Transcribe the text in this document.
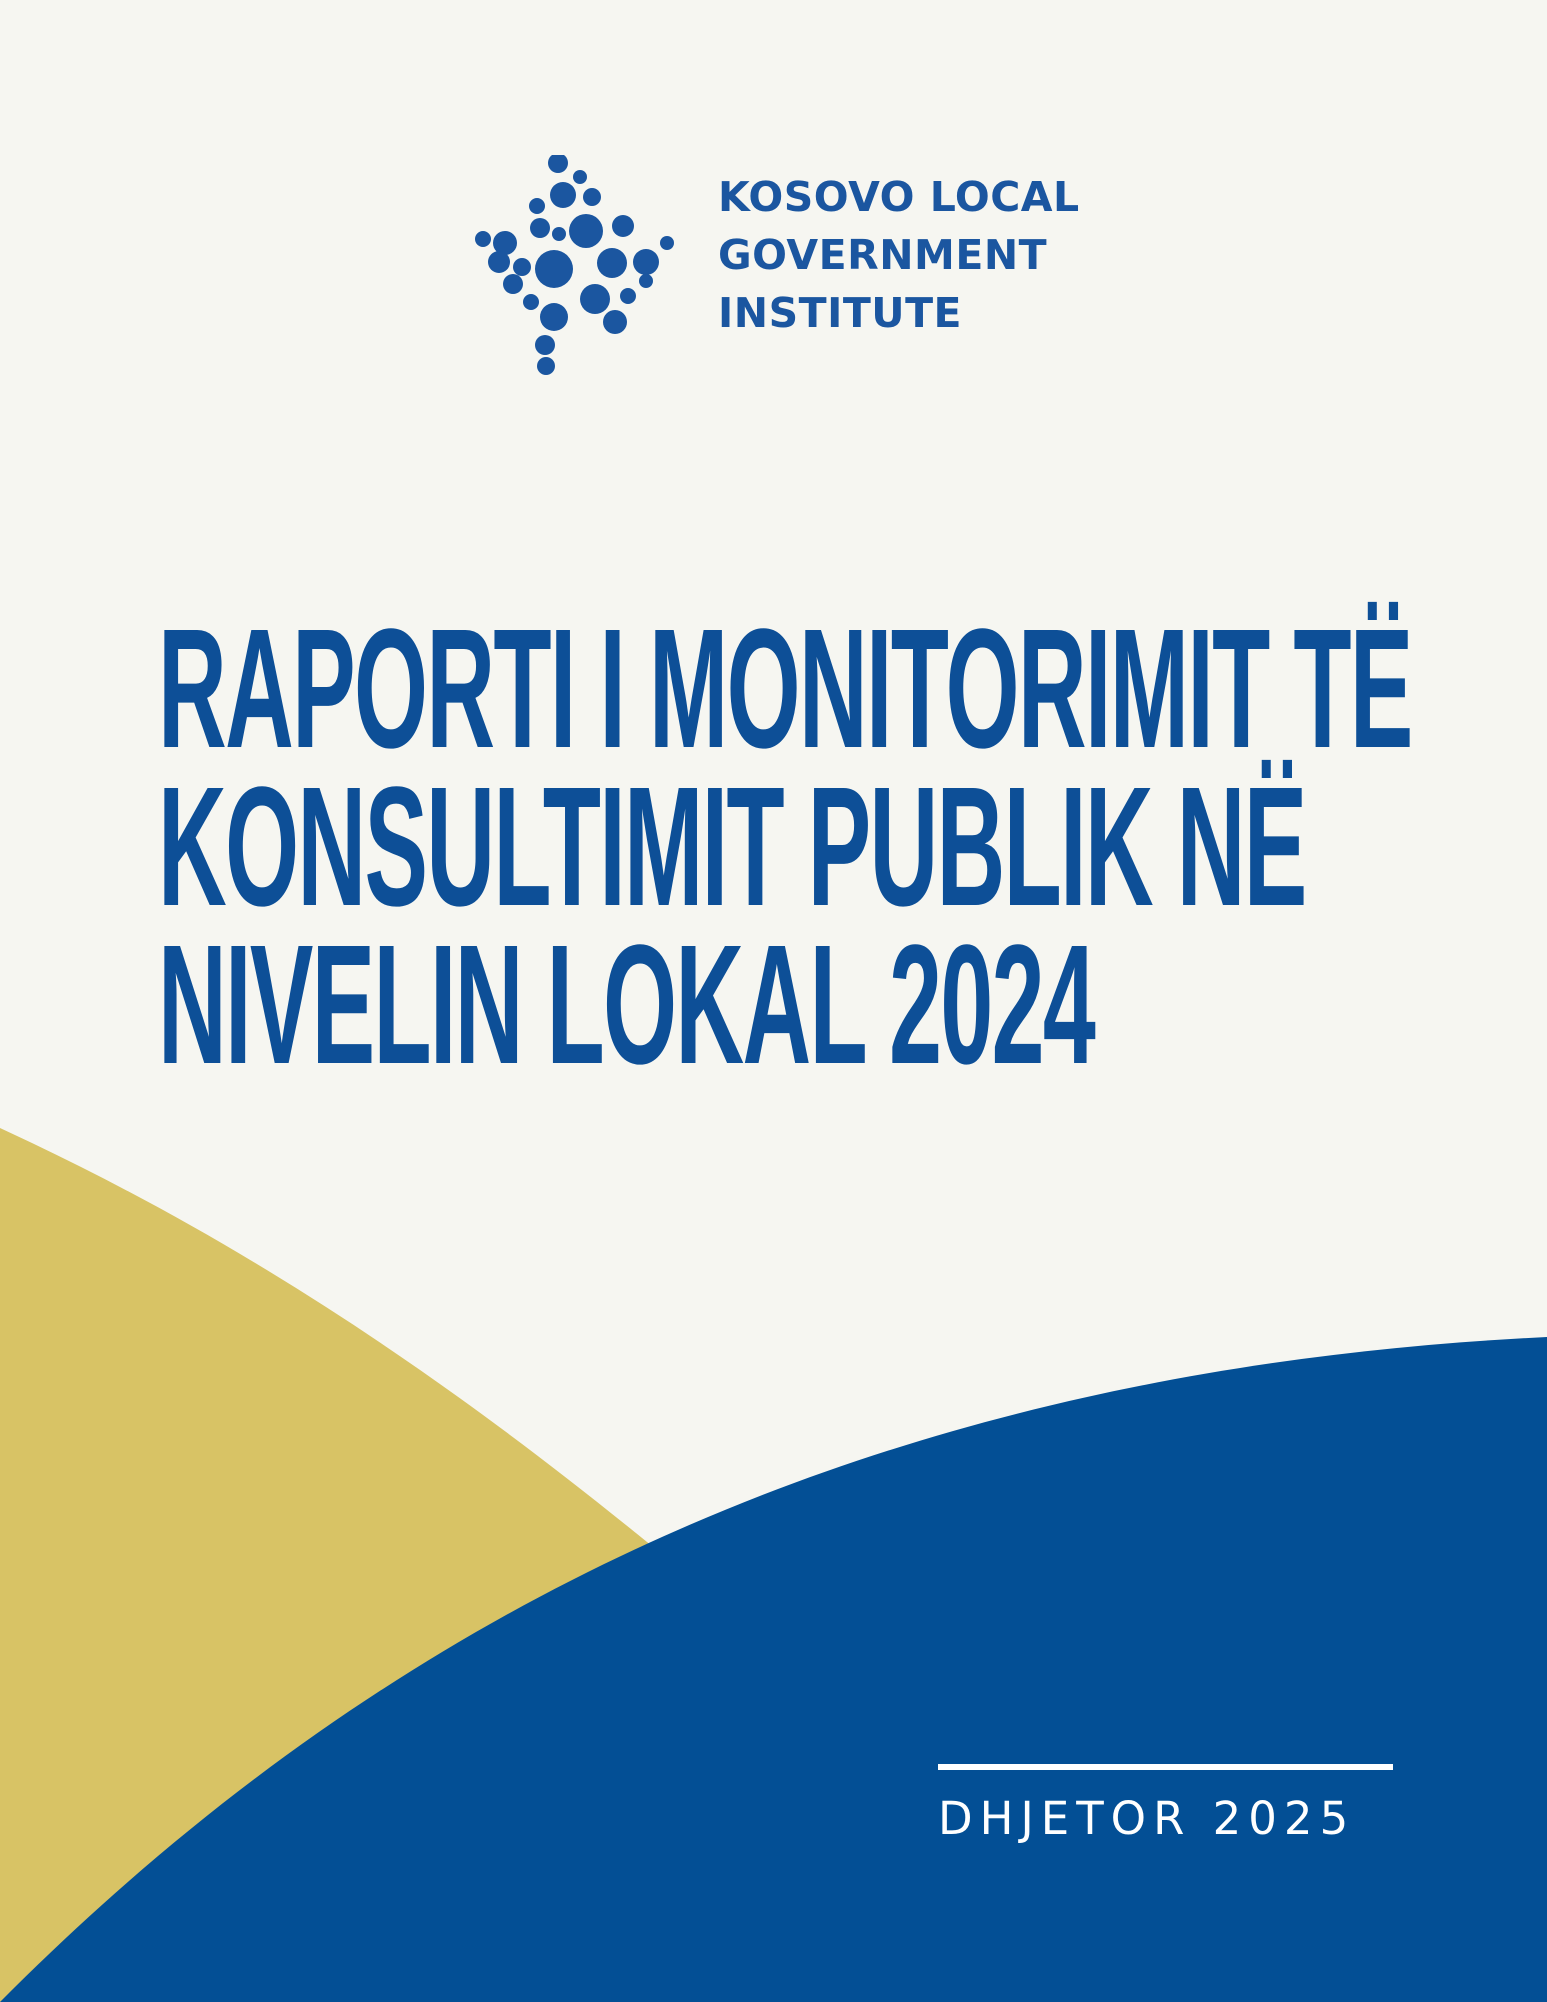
KOSOVO LOCAL
GOVERNMENT
INSTITUTE
RAPORTI I MONITORIMIT TË
KONSULTIMIT PUBLIK NË
NIVELIN LOKAL 2024
DHJETOR 2025
